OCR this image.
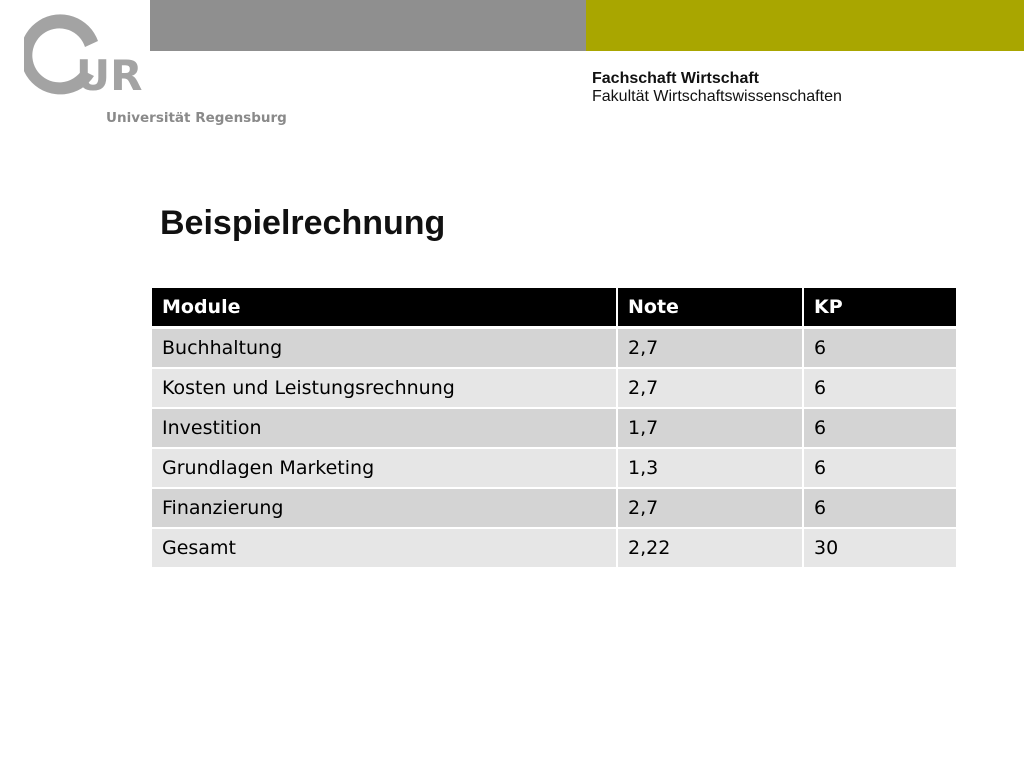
UR
Universität Regensburg
Fachschaft Wirtschaft
Fakultät Wirtschaftswissenschaften
Beispielrechnung
Module	Note	KP
Buchhaltung	2,7	6
Kosten und Leistungsrechnung	2,7	6
Investition	1,7	6
Grundlagen Marketing	1,3	6
Finanzierung	2,7	6
Gesamt	2,22	30
